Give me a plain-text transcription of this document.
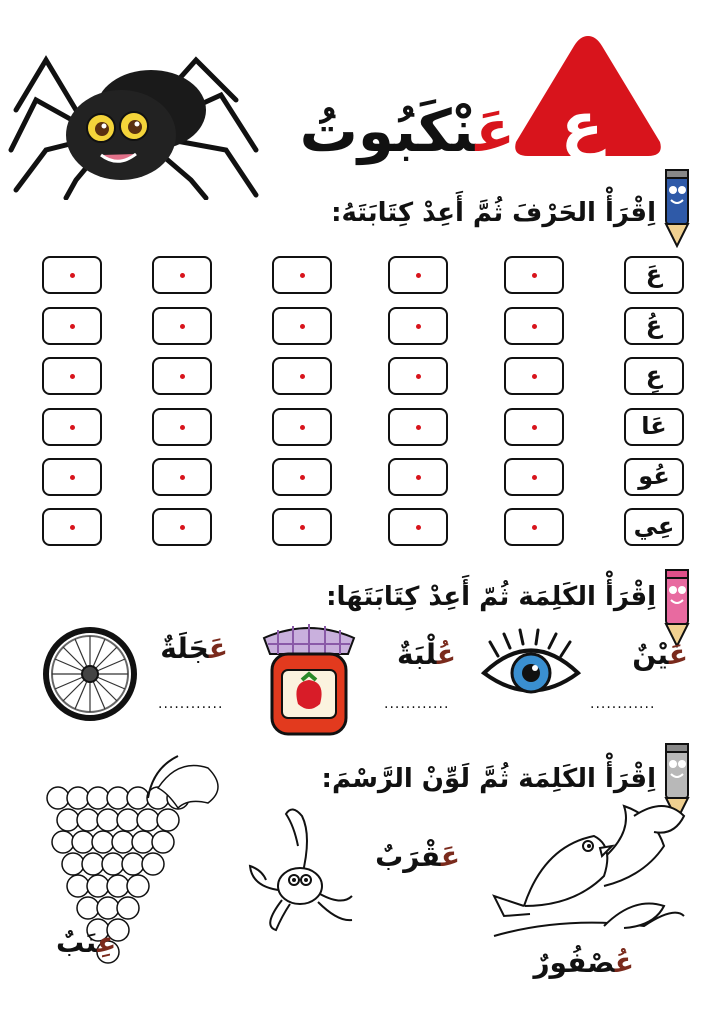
عَنْكَبُوتُ	ع
اِقْرَأْ الحَرْفَ ثُمَّ أَعِدْ كِتَابَتَهُ:
عَ
عُ
عِ
عَا
عُو
عِي
اِقْرَأْ الكَلِمَة ثُمّ أَعِدْ كِتَابَتَهَا:
عَيْنٌ
............
عُلْبَةٌ
............
عَجَلَةٌ
............
اِقْرَأْ الكَلِمَة ثُمَّ لَوِّنْ الرَّسْمَ:
عِنَبٌ
عَقْرَبٌ
عُصْفُورٌ
